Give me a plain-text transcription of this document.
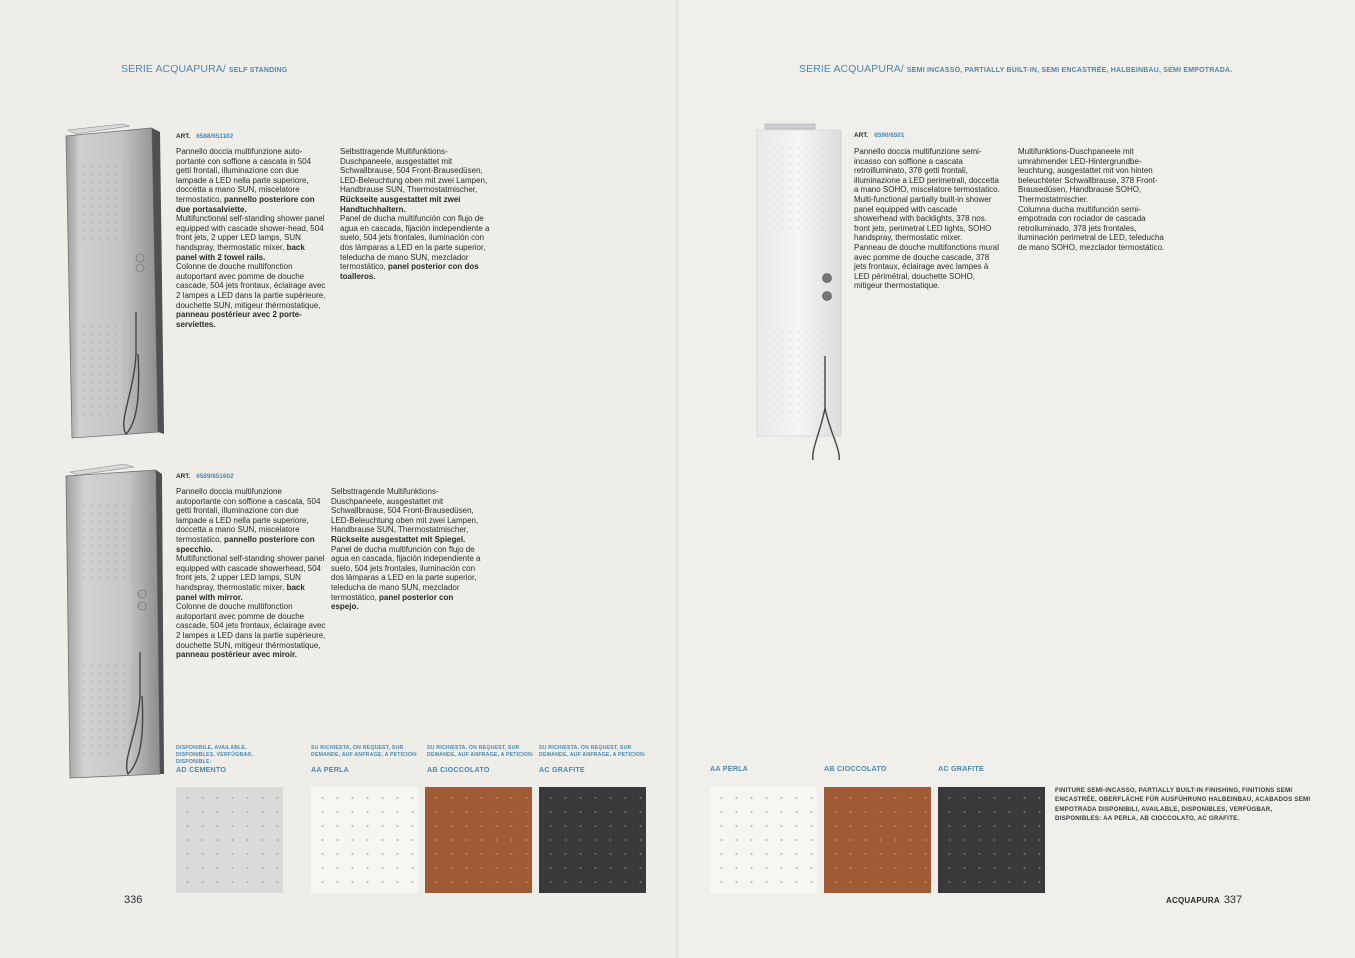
SERIE ACQUAPURA/ SELF STANDING
ART. 6588/651102
Pannello doccia multifunzione auto-portante con soffione a cascata in 504 getti frontali, illuminazione con due lampade a LED nella parte superiore, doccetta a mano SUN, miscelatore termostatico, pannello posteriore con due portasalviette.
Multifunctional self-standing shower panel equipped with cascade shower-head, 504 front jets, 2 upper LED lamps, SUN handspray, thermostatic mixer, back panel with 2 towel rails.
Colonne de douche multifonction autoportant avec pomme de douche cascade, 504 jets frontaux, éclairage avec 2 lampes a LED dans la partie supérieure, douchette SUN, mitigeur thérmostatique, panneau postérieur avec 2 porte-serviettes.
Selbsttragende Multifunktions-Duschpaneele, ausgestattet mit Schwallbrause, 504 Front-Brausedüsen, LED-Beleuchtung oben mit zwei Lampen, Handbrause SUN, Thermostatmischer, Rückseite ausgestattet mit zwei Handtuchhaltern.
Panel de ducha multifunción con flujo de agua en cascada, fijación independiente a suelo, 504 jets frontales, iluminación con dos lámparas a LED en la parte superior, teleducha de mano SUN, mezclador termostático, panel posterior con dos toalleros.
ART. 6589/651602
Pannello doccia multifunzione autoportante con soffione a cascata, 504 getti frontali, illuminazione con due lampade a LED nella parte superiore, doccetta a mano SUN, miscelatore termostatico, pannello posteriore con specchio.
Multifunctional self-standing shower panel equipped with cascade showerhead, 504 front jets, 2 upper LED lamps, SUN handspray, thermostatic mixer, back panel with mirror.
Colonne de douche multifonction autoportant avec pomme de douche cascade, 504 jets frontaux, éclairage avec 2 lampes a LED dans la partie supérieure, douchette SUN, mitigeur thérmostatique, panneau postérieur avec miroir.
Selbsttragende Multifunktions-Duschpaneele, ausgestattet mit Schwallbrause, 504 Front-Brausedüsen, LED-Beleuchtung oben mit zwei Lampen, Handbrause SUN, Thermostatmischer, Rückseite ausgestattet mit Spiegel.
Panel de ducha multifunción con flujo de agua en cascada, fijación independiente a suelo, 504 jets frontales, iluminación con dos lámparas a LED en la parte superior, teleducha de mano SUN, mezclador termostático, panel posterior con espejo.
DISPONIBILE, AVAILABLE, DISPONIBLES, VERFÜGBAR, DISPONIBLE:
SU RICHIESTA, ON REQUEST, SUR DEMANDE, AUF ANFRAGE, A PETICION:
SU RICHIESTA, ON REQUEST, SUR DEMANDE, AUF ANFRAGE, A PETICION:
SU RICHIESTA, ON REQUEST, SUR DEMANDE, AUF ANFRAGE, A PETICION:
AD CEMENTO	AA PERLA	AB CIOCCOLATO	AC GRAFITE
336
SERIE ACQUAPURA/ SEMI INCASSO, PARTIALLY BUILT-IN, SEMI ENCASTRÉE, HALBEINBAU, SEMI EMPOTRADA.
ART. 6590/6501
Pannello doccia multifunzione semi-incasso con soffione a cascata retroilluminato, 378 getti frontali, illuminazione a LED perimetrali, doccetta a mano SOHO, miscelatore termostatico.
Multi-functional partially built-in shower panel equipped with cascade showerhead with backlights, 378 nos. front jets, perimetral LED lights, SOHO handspray, thermostatic mixer.
Panneau de douche multifonctions mural avec pomme de douche cascade, 378 jets frontaux, éclairage avec lampes à LED périmétral, douchette SOHO, mitigeur thermostatique.
Multifunktions-Duschpaneele mit umrahmender LED-Hintergrundbe-leuchtung, ausgestattet mit von hinten beleuchteter Schwallbrause, 378 Front-Brausedüsen, Handbrause SOHO, Thermostatmischer.
Columna ducha multifunción semi-empotrada con rociador de cascada retroiluminado, 378 jets frontales, iluminación perimetral de LED, teleducha de mano SOHO, mezclador termostático.
AA PERLA	AB CIOCCOLATO	AC GRAFITE
FINITURE SEMI-INCASSO, PARTIALLY BUILT-IN FINISHING, FINITIONS SEMI ENCASTRÉE, OBERFLÄCHE FÜR AUSFÜHRUNG HALBEINBAU, ACABADOS SEMI EMPOTRADA DISPONIBILI, AVAILABLE, DISPONIBLES, VERFÜGBAR, DISPONIBLES: AA PERLA, AB CIOCCOLATO, AC GRAFITE.
ACQUAPURA 337
